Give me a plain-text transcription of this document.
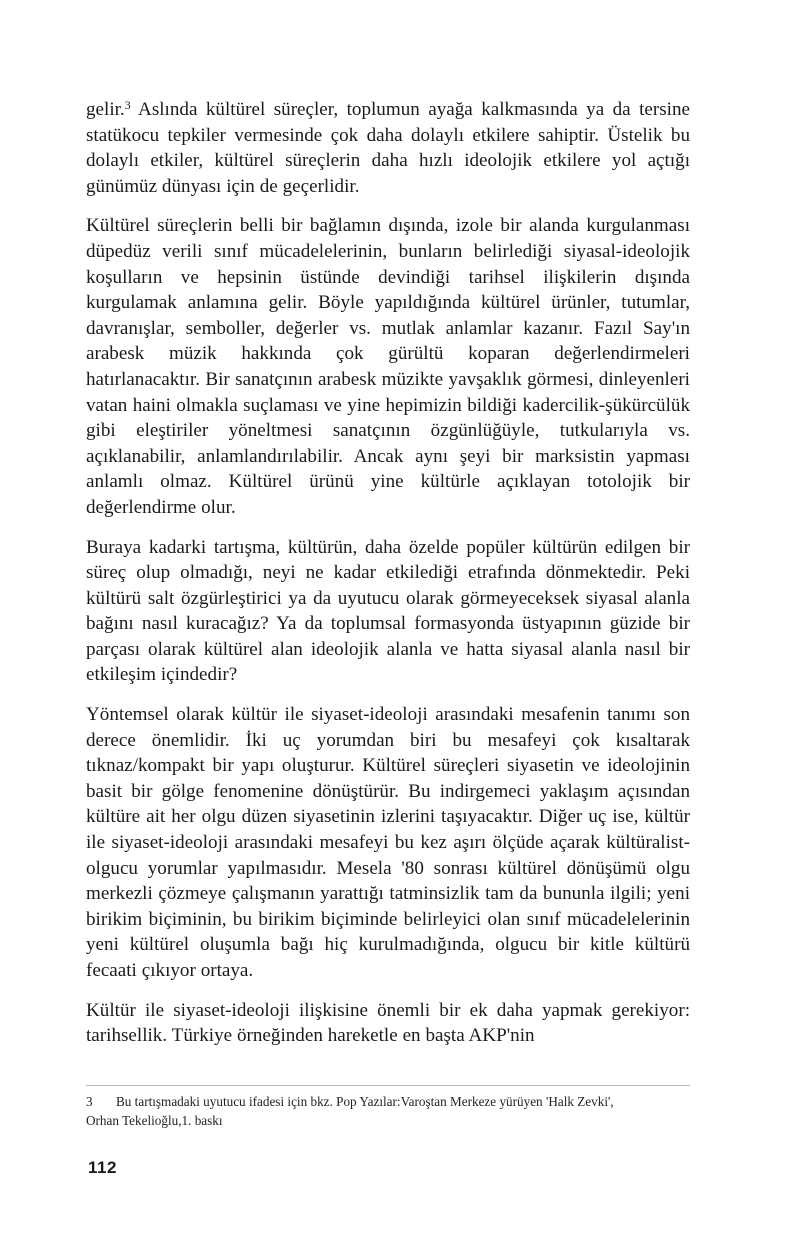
gelir.$^3$ Aslında kültürel süreçler, toplumun ayağa kalkmasında ya da tersine statükocu tepkiler vermesinde çok daha dolaylı etkilere sahiptir. Üstelik bu dolaylı etkiler, kültürel süreçlerin daha hızlı ideolojik etkilere yol açtığı günümüz dünyası için de geçerlidir.

Kültürel süreçlerin belli bir bağlamın dışında, izole bir alanda kurgulanması düpedüz verili sınıf mücadelelerinin, bunların belirlediği siyasal-ideolojik koşulların ve hepsinin üstünde devindiği tarihsel ilişkilerin dışında kurgulamak anlamına gelir. Böyle yapıldığında kültürel ürünler, tutumlar, davranışlar, semboller, değerler vs. mutlak anlamlar kazanır. Fazıl Say'ın arabesk müzik hakkında çok gürültü koparan değerlendirmeleri hatırlanacaktır. Bir sanatçının arabesk müzikte yavşaklık görmesi, dinleyenleri vatan haini olmakla suçlaması ve yine hepimizin bildiği kadercilik-şükürcülük gibi eleştiriler yöneltmesi sanatçının özgünlüğüyle, tutkularıyla vs. açıklanabilir, anlamlandırılabilir. Ancak aynı şeyi bir marksistin yapması anlamlı olmaz. Kültürel ürünü yine kültürle açıklayan totolojik bir değerlendirme olur.

Buraya kadarki tartışma, kültürün, daha özelde popüler kültürün edilgen bir süreç olup olmadığı, neyi ne kadar etkilediği etrafında dönmektedir. Peki kültürü salt özgürleştirici ya da uyutucu olarak görmeyeceksek siyasal alanla bağını nasıl kuracağız? Ya da toplumsal formasyonda üstyapının güzide bir parçası olarak kültürel alan ideolojik alanla ve hatta siyasal alanla nasıl bir etkileşim içindedir?

Yöntemsel olarak kültür ile siyaset-ideoloji arasındaki mesafenin tanımı son derece önemlidir. İki uç yorumdan biri bu mesafeyi çok kısaltarak tıknaz/kompakt bir yapı oluşturur. Kültürel süreçleri siyasetin ve ideolojinin basit bir gölge fenomenine dönüştürür. Bu indirgemeci yaklaşım açısından kültüre ait her olgu düzen siyasetinin izlerini taşıyacaktır. Diğer uç ise, kültür ile siyaset-ideoloji arasındaki mesafeyi bu kez aşırı ölçüde açarak kültüralist-olgucu yorumlar yapılmasıdır. Mesela '80 sonrası kültürel dönüşümü olgu merkezli çözmeye çalışmanın yarattığı tatminsizlik tam da bununla ilgili; yeni birikim biçiminin, bu birikim biçiminde belirleyici olan sınıf mücadelelerinin yeni kültürel oluşumla bağı hiç kurulmadığında, olgucu bir kitle kültürü fecaati çıkıyor ortaya.

Kültür ile siyaset-ideoloji ilişkisine önemli bir ek daha yapmak gerekiyor: tarihsellik. Türkiye örneğinden hareketle en başta AKP'nin

3 Bu tartışmadaki uyutucu ifadesi için bkz. Pop Yazılar:Varoştan Merkeze yürüyen 'Halk Zevki',

Orhan Tekelioğlu,1. baskı

112
